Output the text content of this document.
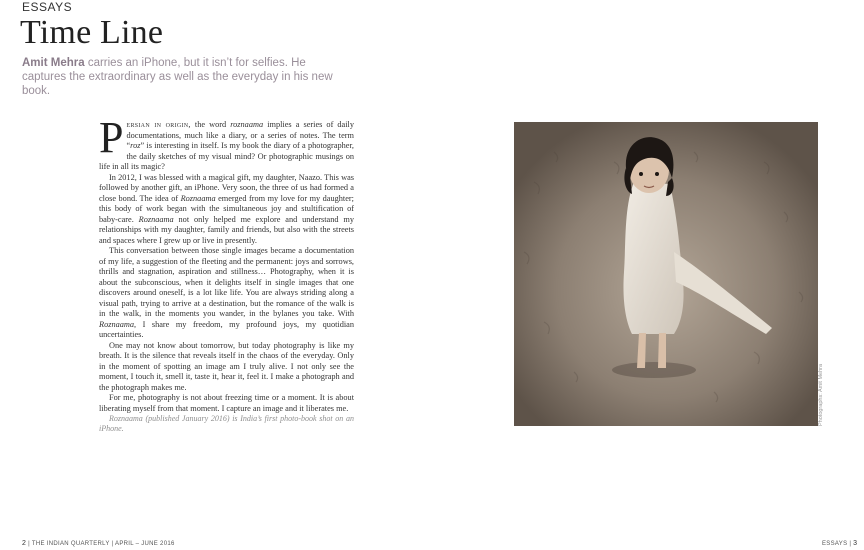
ESSAYS
Time Line
Amit Mehra carries an iPhone, but it isn’t for selfies. He captures the extraordinary as well as the everyday in his new book.

Persian in origin, the word roznaama implies a series of daily documentations, much like a diary, or a series of notes. The term “roz” is interesting in itself. Is my book the diary of a photographer, the daily sketches of my visual mind? Or photographic musings on life in all its magic?

In 2012, I was blessed with a magical gift, my daughter, Naazo. This was followed by another gift, an iPhone. Very soon, the three of us had formed a close bond. The idea of Roznaama emerged from my love for my daughter; this body of work began with the simultaneous joy and stultification of baby-care. Roznaama not only helped me explore and understand my relationships with my daughter, family and friends, but also with the streets and spaces where I grew up or live in presently.

This conversation between those single images became a documentation of my life, a suggestion of the fleeting and the permanent: joys and sorrows, thrills and stagnation, aspiration and stillness… Photography, when it is about the subconscious, when it delights itself in single images that one discovers around oneself, is a lot like life. You are always striding along a visual path, trying to arrive at a destination, but the romance of the walk is in the walk, in the moments you wander, in the bylanes you take. With Roznaama, I share my freedom, my profound joys, my quotidian uncertainties.

One may not know about tomorrow, but today photography is like my breath. It is the silence that reveals itself in the chaos of the everyday. Only in the moment of spotting an image am I truly alive. I not only see the moment, I touch it, smell it, taste it, hear it, feel it. I make a photograph and the photograph makes me.

For me, photography is not about freezing time or a moment. It is about liberating myself from that moment. I capture an image and it liberates me.

Roznaama (published January 2016) is India’s first photo-book shot on an iPhone.

Photographs: Amit Mehra
2 | THE INDIAN QUARTERLY | APRIL – JUNE 2016	ESSAYS | 3
